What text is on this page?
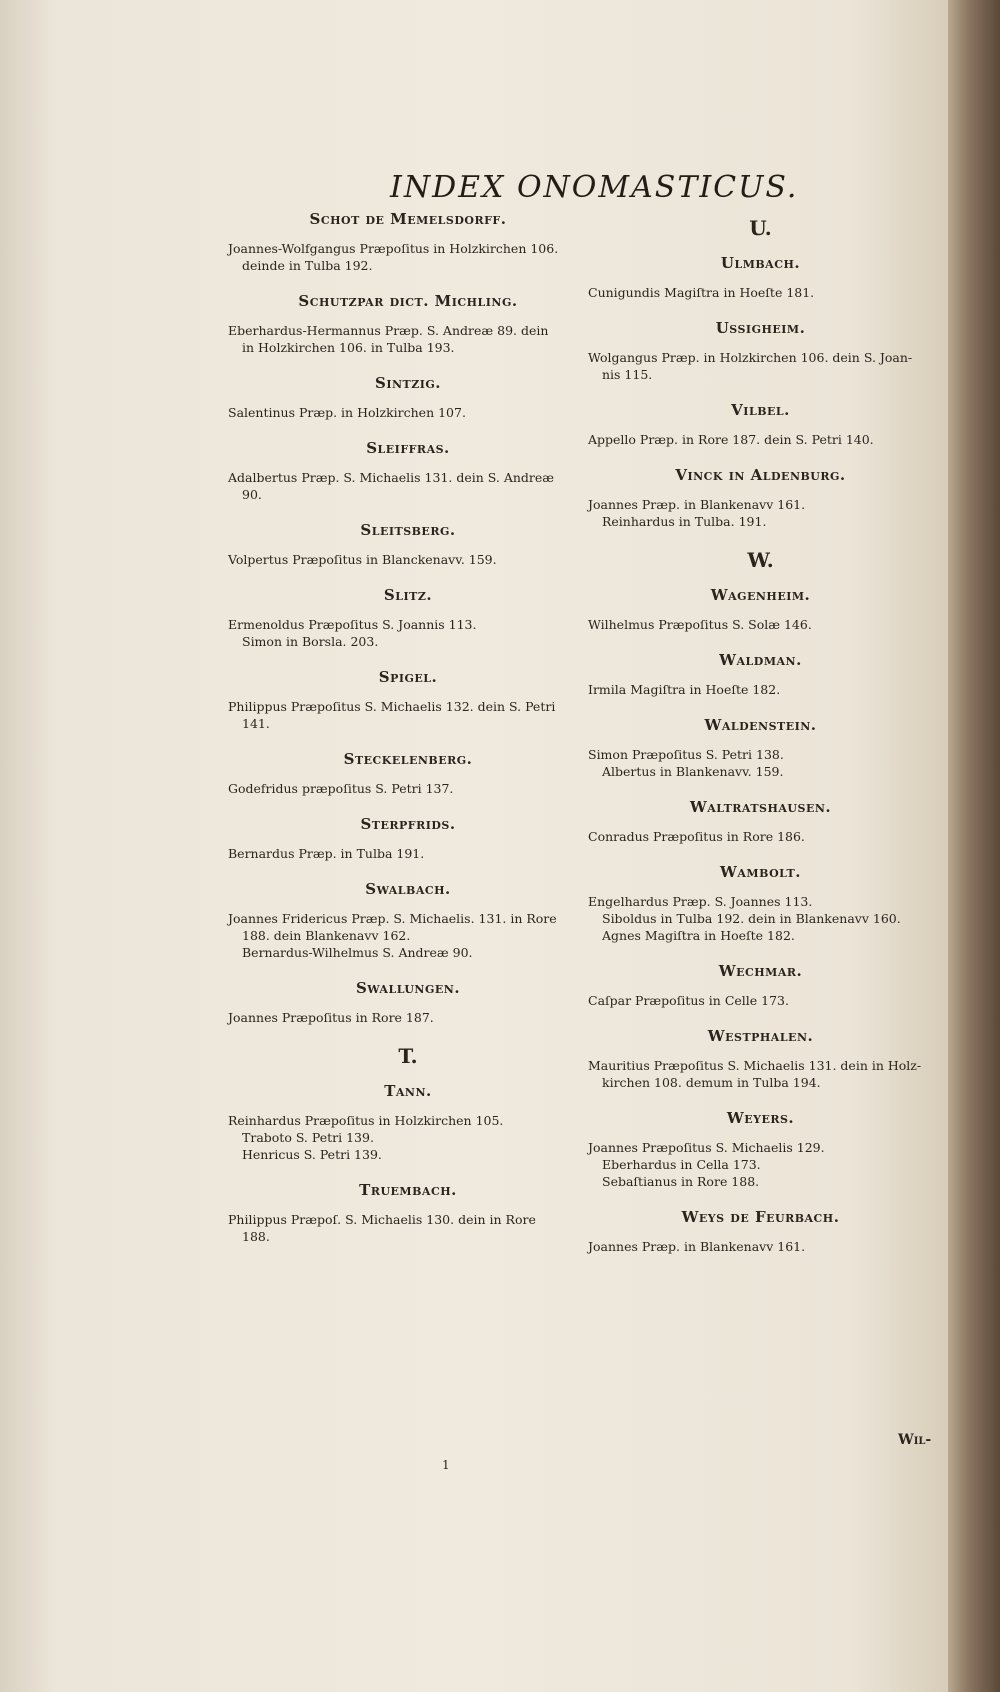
INDEX ONOMASTICUS.
Schot de Memelsdorff.
Joannes-Wolfgangus Præpoſitus in Holzkirchen 106.
deinde in Tulba 192.
Schutzpar dict. Michling.
Eberhardus-Hermannus Præp. S. Andreæ 89. dein
in Holzkirchen 106. in Tulba 193.
Sintzig.
Salentinus Præp. in Holzkirchen 107.
Sleiffras.
Adalbertus Præp. S. Michaelis 131. dein S. Andreæ
90.
Sleitsberg.
Volpertus Præpoſitus in Blanckenavv. 159.
Slitz.
Ermenoldus Præpoſitus S. Joannis 113.
Simon in Borsla. 203.
Spigel.
Philippus Præpoſitus S. Michaelis 132. dein S. Petri
141.
Steckelenberg.
Godefridus præpoſitus S. Petri 137.
Sterpfrids.
Bernardus Præp. in Tulba 191.
Swalbach.
Joannes Fridericus Præp. S. Michaelis. 131. in Rore
188. dein Blankenavv 162.
Bernardus-Wilhelmus S. Andreæ 90.
Swallungen.
Joannes Præpoſitus in Rore 187.
T.
Tann.
Reinhardus Præpoſitus in Holzkirchen 105.
Traboto S. Petri 139.
Henricus S. Petri 139.
Truembach.
Philippus Præpoſ. S. Michaelis 130. dein in Rore
188.
U.
Ulmbach.
Cunigundis Magiſtra in Hoeſte 181.
Ussigheim.
Wolgangus Præp. in Holzkirchen 106. dein S. Joan-
nis 115.
Vilbel.
Appello Præp. in Rore 187. dein S. Petri 140.
Vinck in Aldenburg.
Joannes Præp. in Blankenavv 161.
Reinhardus in Tulba. 191.
W.
Wagenheim.
Wilhelmus Præpoſitus S. Solæ 146.
Waldman.
Irmila Magiſtra in Hoeſte 182.
Waldenstein.
Simon Præpoſitus S. Petri 138.
Albertus in Blankenavv. 159.
Waltratshausen.
Conradus Præpoſitus in Rore 186.
Wambolt.
Engelhardus Præp. S. Joannes 113.
Siboldus in Tulba 192. dein in Blankenavv 160.
Agnes Magiſtra in Hoeſte 182.
Wechmar.
Caſpar Præpoſitus in Celle 173.
Westphalen.
Mauritius Præpoſitus S. Michaelis 131. dein in Holz-
kirchen 108. demum in Tulba 194.
Weyers.
Joannes Præpoſitus S. Michaelis 129.
Eberhardus in Cella 173.
Sebaſtianus in Rore 188.
Weys de Feurbach.
Joannes Præp. in Blankenavv 161.
1
Wil-
